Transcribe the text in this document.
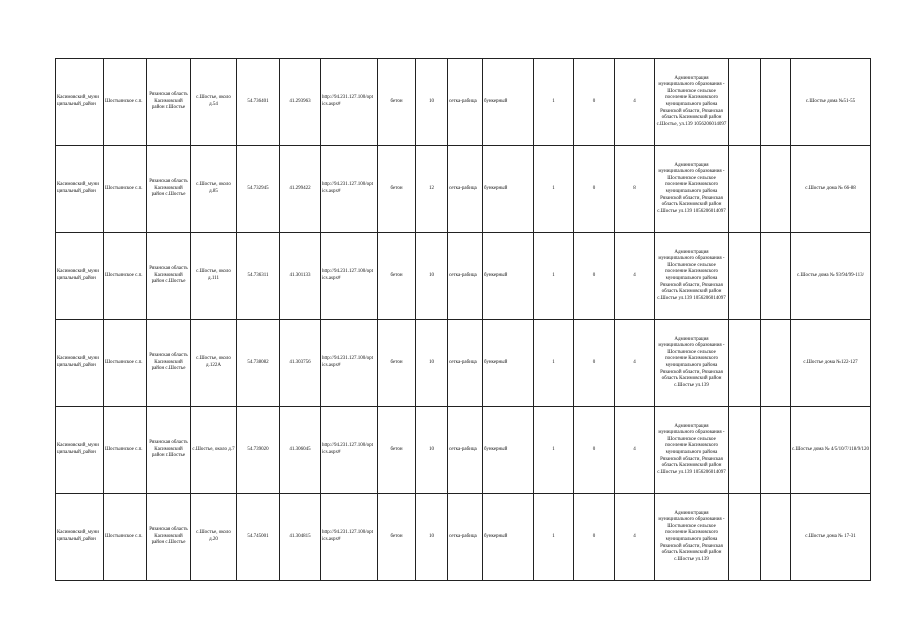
Касимовский_муни ципальный_район	Шостьинское с.п.	Рязанская область Касимовский район г.Шостье	с.Шостье, около д.54	54.736401	41.293963	http://94.231.127.100/opt ics.aspx#	бетон	10	сетка-рабица	бункерный	1	0	4	Администрация муниципального образования - Шостьинское сельское поселение Касимовского муниципального района Рязанской области, Рязанская область Касимовский район с.Шостье, ул.139 1056206014097			с.Шостье дома №51-55
Касимовский_муни ципальный_район	Шостьинское с.п.	Рязанская область Касимовский район с.Шостье	с.Шостье, около д.85	54.732945	41.299422	http://94.231.127.100/opt ics.aspx#	бетон	12	сетка-рабица	бункерный	1	0	8	Администрация муниципального образования - Шостьинское сельское поселение Касимовского муниципального района Рязанской области, Рязанская область Касимовский район с.Шостье ул.139 1056206014097			с.Шостье дома № 66-88
Касимовский_муни ципальный_район	Шостьинское с.п.	Рязанская область Касимовский район с.Шостье	с.Шостье, около д.111	54.736311	41.301133	http://94.231.127.100/opt ics.aspx#	бетон	10	сетка-рабица	бункерный	1	0	4	Администрация муниципального образования - Шостьинское сельское поселение Касимовского муниципального района Рязанской области, Рязанская область Касимовский район с.Шостье ул.139 1056206014097			с.Шостье дома № 93/94/99-113/
Касимовский_муни ципальный_район	Шостьинское с.п.	Рязанская область Касимовский район с.Шостье	с.Шостье, около д.122А	54.738082	41.303756	http://94.231.127.100/opt ics.aspx#	бетон	10	сетка-рабица	бункерный	1	0	4	Администрация муниципального образования - Шостьинское сельское поселение Касимовского муниципального района Рязанской области, Рязанская область Касимовский район с.Шостье ул.139			с.Шостье дома №122-127
Касимовский_муни ципальный_район	Шостьинское с.п.	Рязанская область Касимовский район г.Шостье	с.Шостье, около д.7	54.739020	41.306045	http://94.231.127.100/opt ics.aspx#	бетон	10	сетка-рабица	бункерный	1	0	4	Администрация муниципального образования - Шостьинское сельское поселение Касимовского муниципального района Рязанской области, Рязанская область Касимовский район с.Шостье ул.139 1056206014097			с.Шостье дома № 4/5/10/7/118/9/120
Касимовский_муни ципальный_район	Шостьинское с.п.	Рязанская область Касимовский район с.Шостье	с.Шостье, около д.20	54.745001	41.304815	http://94.231.127.100/opt ics.aspx#	бетон	10	сетка-рабица	бункерный	1	0	4	Администрация муниципального образования - Шостьинское сельское поселение Касимовского муниципального района Рязанской области, Рязанская область Касимовский район с.Шостье ул.139			с.Шостье дома № 17-31
